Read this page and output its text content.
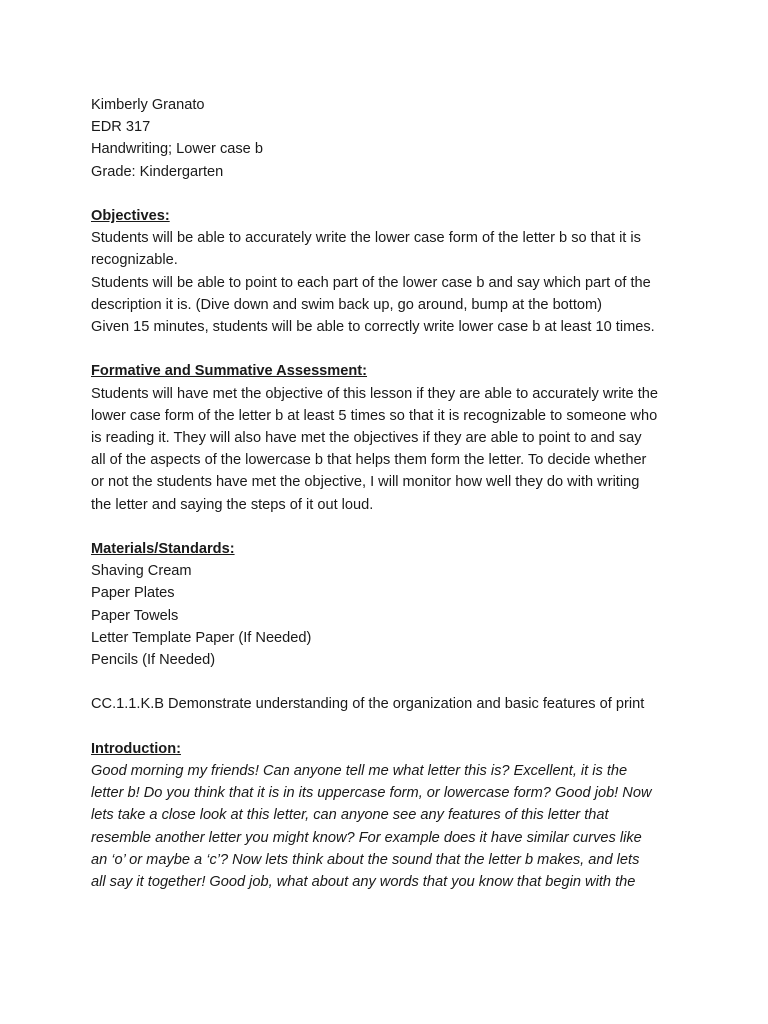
Kimberly Granato
EDR 317
Handwriting; Lower case b
Grade: Kindergarten
Objectives:
Students will be able to accurately write the lower case form of the letter b so that it is
recognizable.
Students will be able to point to each part of the lower case b and say which part of the
description it is. (Dive down and swim back up, go around, bump at the bottom)
Given 15 minutes, students will be able to correctly write lower case b at least 10 times.
Formative and Summative Assessment:
Students will have met the objective of this lesson if they are able to accurately write the
lower case form of the letter b at least 5 times so that it is recognizable to someone who
is reading it. They will also have met the objectives if they are able to point to and say
all of the aspects of the lowercase b that helps them form the letter. To decide whether
or not the students have met the objective, I will monitor how well they do with writing
the letter and saying the steps of it out loud.
Materials/Standards:
Shaving Cream
Paper Plates
Paper Towels
Letter Template Paper (If Needed)
Pencils (If Needed)
CC.1.1.K.B Demonstrate understanding of the organization and basic features of print
Introduction:
Good morning my friends! Can anyone tell me what letter this is? Excellent, it is the
letter b! Do you think that it is in its uppercase form, or lowercase form? Good job! Now
lets take a close look at this letter, can anyone see any features of this letter that
resemble another letter you might know? For example does it have similar curves like
an ‘o’ or maybe a ‘c’? Now lets think about the sound that the letter b makes, and lets
all say it together! Good job, what about any words that you know that begin with the
